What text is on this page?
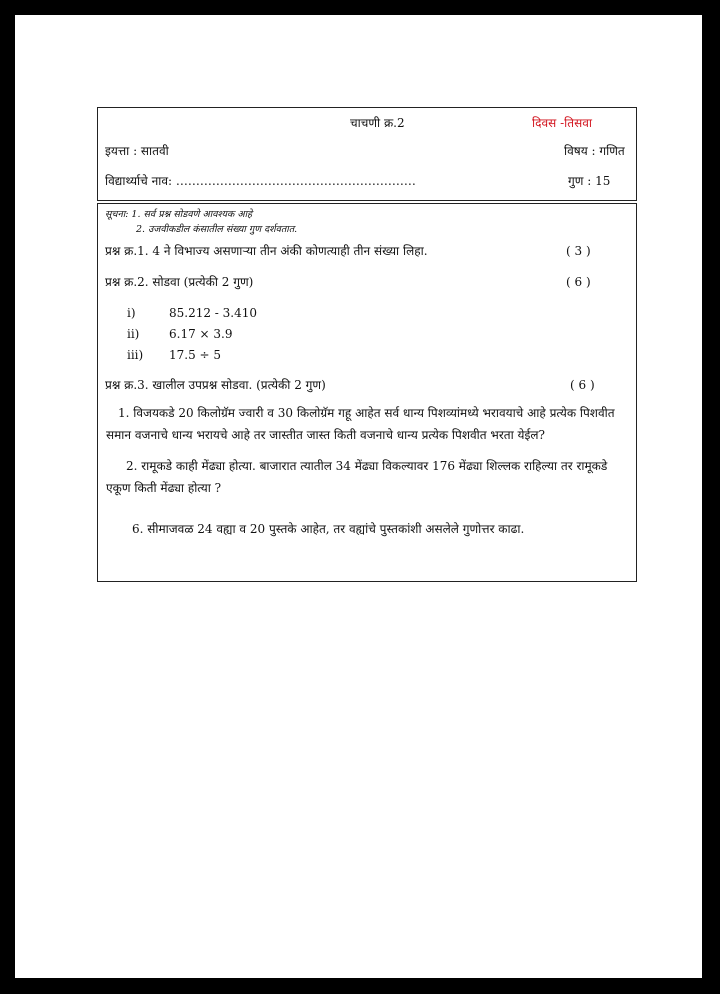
चाचणी क्र.2	दिवस -तिसवा
इयत्ता : सातवी	विषय : गणित
विद्यार्थ्याचे नाव: ……………………………………………………	गुण : 15
सूचना: 1. सर्व प्रश्न सोडवणे आवश्यक आहे
2. उजवीकडील कंसातील संख्या गुण दर्शवतात.
प्रश्न क्र.1. 4 ने विभाज्य असणाऱ्या तीन अंकी कोणत्याही तीन संख्या लिहा.	( 3 )
प्रश्न क्र.2. सोडवा (प्रत्येकी 2 गुण)	( 6 )
i)	85.212 - 3.410
ii) 6.17 × 3.9
iii) 17.5 ÷ 5
प्रश्न क्र.3. खालील उपप्रश्न सोडवा. (प्रत्येकी 2 गुण)	( 6 )
1. विजयकडे 20 किलोग्रॅम ज्वारी व 30 किलोग्रॅम गहू आहेत सर्व धान्य पिशव्यांमध्ये भरावयाचे आहे प्रत्येक पिशवीत समान वजनाचे धान्य भरायचे आहे तर जास्तीत जास्त किती वजनाचे धान्य प्रत्येक पिशवीत भरता येईल?
2. रामूकडे काही मेंढ्या होत्या. बाजारात त्यातील 34 मेंढ्या विकल्यावर 176 मेंढ्या शिल्लक राहिल्या तर रामूकडे एकूण किती मेंढ्या होत्या ?
6. सीमाजवळ 24 वह्या व 20 पुस्तके आहेत, तर वह्यांचे पुस्तकांशी असलेले गुणोत्तर काढा.
